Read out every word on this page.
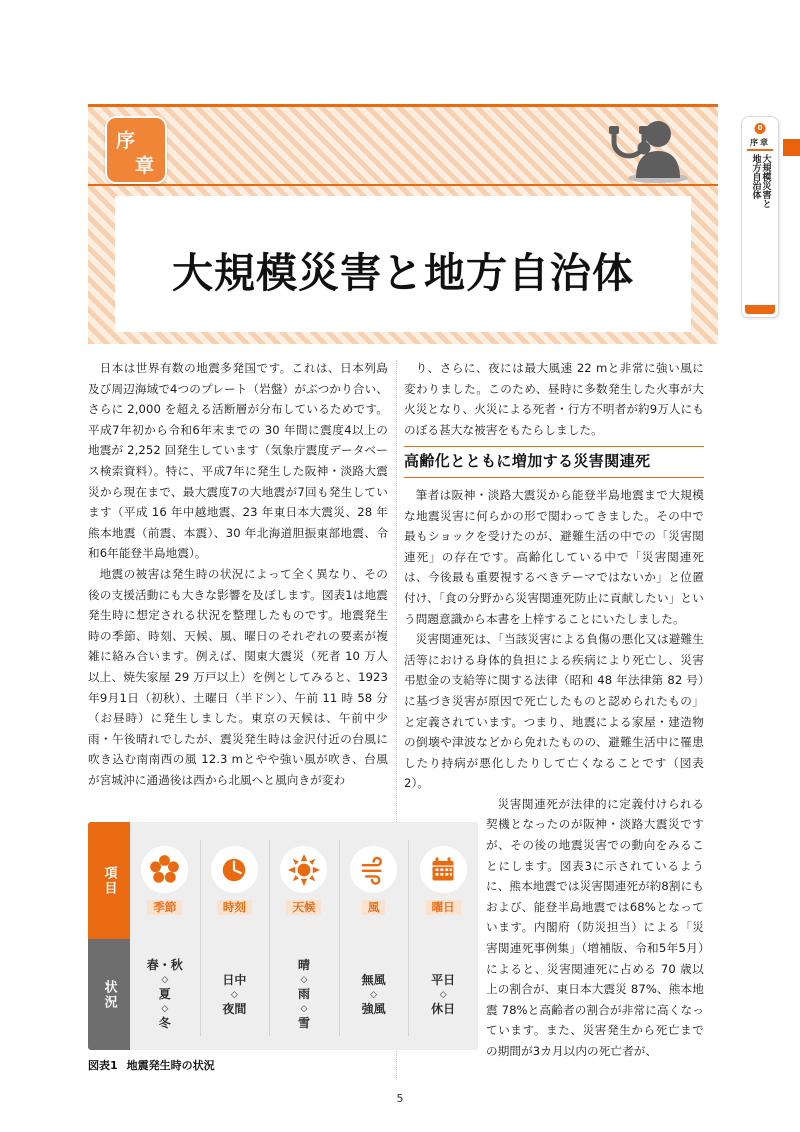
序
章
大規模災害と地方自治体
0
序章
大規模災害と
地方自治体

日本は世界有数の地震多発国です。これは、日本列島及び周辺海域で4つのプレート（岩盤）がぶつかり合い、さらに 2,000 を超える活断層が分布しているためです。平成7年初から令和6年末までの 30 年間に震度4以上の地震が 2,252 回発生しています（気象庁震度データベース検索資料）。特に、平成7年に発生した阪神・淡路大震災から現在まで、最大震度7の大地震が7回も発生しています（平成 16 年中越地震、23 年東日本大震災、28 年熊本地震（前震、本震）、30 年北海道胆振東部地震、令和6年能登半島地震）。

地震の被害は発生時の状況によって全く異なり、その後の支援活動にも大きな影響を及ぼします。図表1は地震発生時に想定される状況を整理したものです。地震発生時の季節、時刻、天候、風、曜日のそれぞれの要素が複雑に絡み合います。例えば、関東大震災（死者 10 万人以上、焼失家屋 29 万戸以上）を例としてみると、1923 年9月1日（初秋）、土曜日（半ドン）、午前 11 時 58 分（お昼時）に発生しました。東京の天候は、午前中少雨・午後晴れでしたが、震災発生時は金沢付近の台風に吹き込む南南西の風 12.3 mとやや強い風が吹き、台風が宮城沖に通過後は西から北風へと風向きが変わ

り、さらに、夜には最大風速 22 mと非常に強い風に変わりました。このため、昼時に多数発生した火事が大火災となり、火災による死者・行方不明者が約9万人にものぼる甚大な被害をもたらしました。

高齢化とともに増加する災害関連死

筆者は阪神・淡路大震災から能登半島地震まで大規模な地震災害に何らかの形で関わってきました。その中で最もショックを受けたのが、避難生活の中での「災害関連死」の存在です。高齢化している中で「災害関連死は、今後最も重要視するべきテーマではないか」と位置付け、「食の分野から災害関連死防止に貢献したい」という問題意識から本書を上梓することにいたしました。

災害関連死は、「当該災害による負傷の悪化又は避難生活等における身体的負担による疾病により死亡し、災害弔慰金の支給等に関する法律（昭和 48 年法律第 82 号）に基づき災害が原因で死亡したものと認められたもの」と定義されています。つまり、地震による家屋・建造物の倒壊や津波などから免れたものの、避難生活中に罹患したり持病が悪化したりして亡くなることです（図表 2）。

災害関連死が法律的に定義付けられる契機となったのが阪神・淡路大震災ですが、その後の地震災害での動向をみることにします。図表3に示されているように、熊本地震では災害関連死が約8割にもおよび、能登半島地震では68%となっています。内閣府（防災担当）による「災害関連死事例集」（増補版、令和5年5月）によると、災害関連死に占める 70 歳以上の割合が、東日本大震災 87%、熊本地震 78%と高齢者の割合が非常に高くなっています。また、災害発生から死亡までの期間が3カ月以内の死亡者が、

項目
状況
季節
春・秋
◇
夏
◇
冬
時刻
日中
◇
夜間
天候
晴
◇
雨
◇
雪
風
無風
◇
強風
曜日
平日
◇
休日
図表1 地震発生時の状況
5
